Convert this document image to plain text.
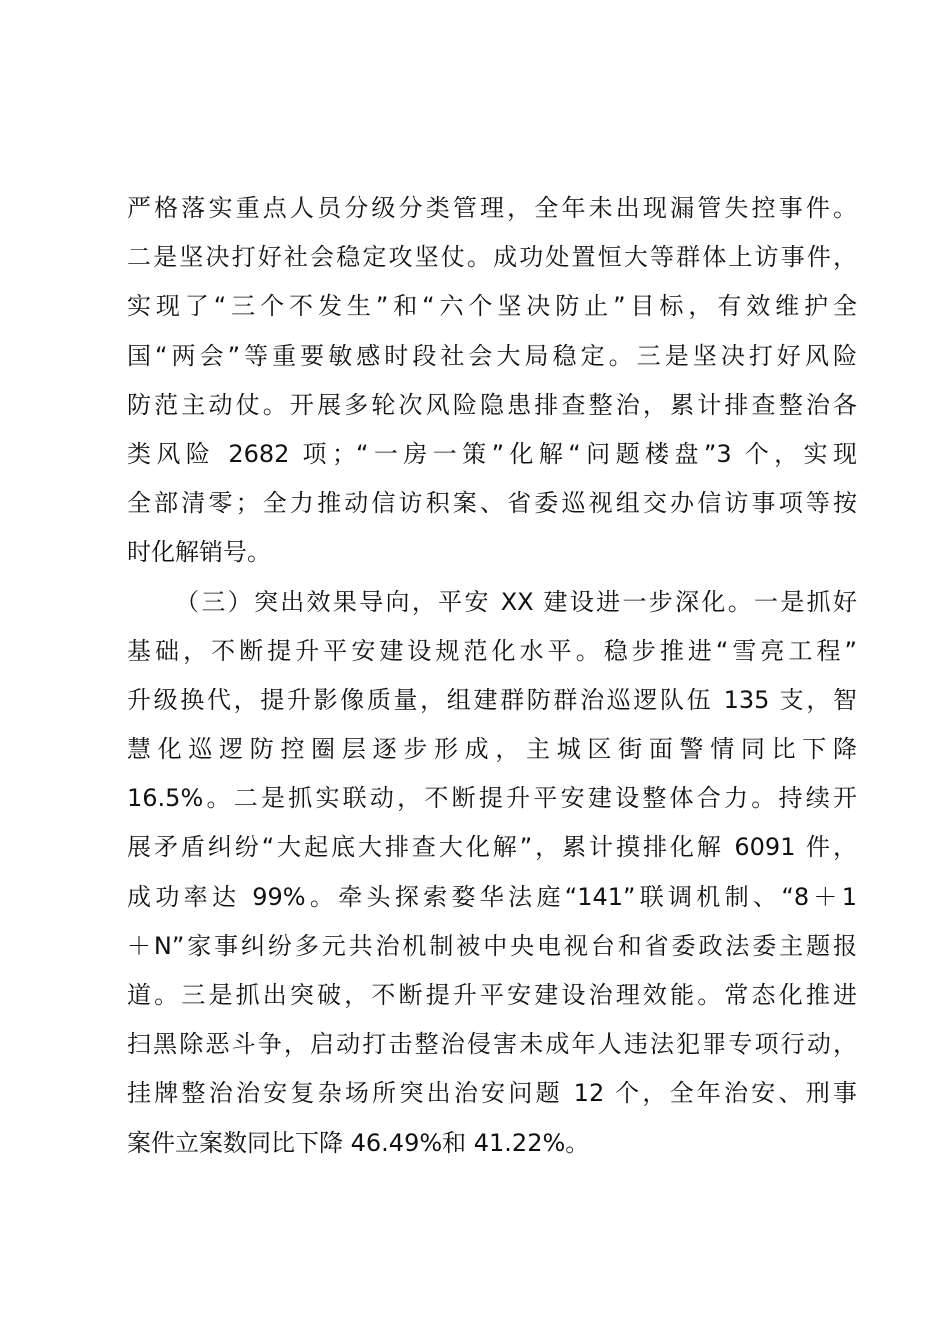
严格落实重点人员分级分类管理，全年未出现漏管失控事件。
二是坚决打好社会稳定攻坚仗。成功处置恒大等群体上访事件，
实现了“三个不发生”和“六个坚决防止”目标，有效维护全
国“两会”等重要敏感时段社会大局稳定。三是坚决打好风险
防范主动仗。开展多轮次风险隐患排查整治，累计排查整治各
类风险 2682 项；“一房一策”化解“问题楼盘”3 个，实现
全部清零；全力推动信访积案、省委巡视组交办信访事项等按
时化解销号。
（三）突出效果导向，平安 XX 建设进一步深化。一是抓好
基础，不断提升平安建设规范化水平。稳步推进“雪亮工程”
升级换代，提升影像质量，组建群防群治巡逻队伍 135 支，智
慧化巡逻防控圈层逐步形成，主城区街面警情同比下降
16.5%。二是抓实联动，不断提升平安建设整体合力。持续开
展矛盾纠纷“大起底大排查大化解”，累计摸排化解 6091 件，
成功率达 99%。牵头探索婺华法庭“141”联调机制、“8＋1
＋N”家事纠纷多元共治机制被中央电视台和省委政法委主题报
道。三是抓出突破，不断提升平安建设治理效能。常态化推进
扫黑除恶斗争，启动打击整治侵害未成年人违法犯罪专项行动，
挂牌整治治安复杂场所突出治安问题 12 个，全年治安、刑事
案件立案数同比下降 46.49%和 41.22%。
